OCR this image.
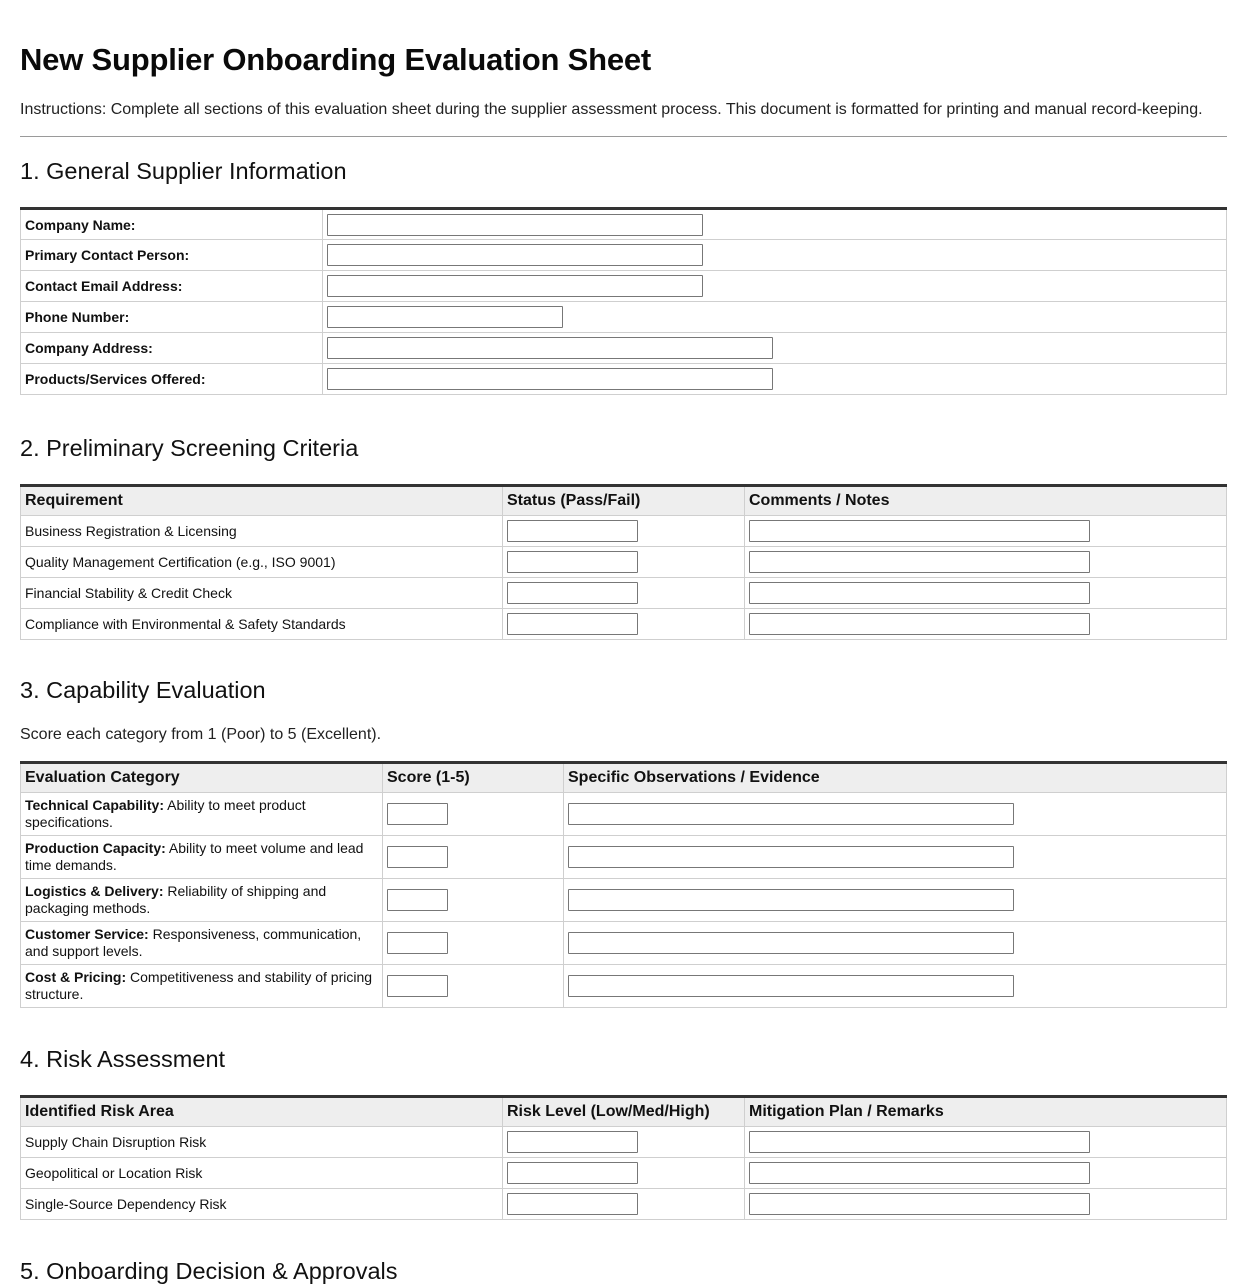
New Supplier Onboarding Evaluation Sheet
Instructions: Complete all sections of this evaluation sheet during the supplier assessment process. This document is formatted for printing and manual record-keeping.
1. General Supplier Information
Company Name:	

Primary Contact Person:	

Contact Email Address:	

Phone Number:	

Company Address:	

Products/Services Offered:	
2. Preliminary Screening Criteria
Requirement	Status (Pass/Fail)	Comments / Notes
Business Registration & Licensing	

Quality Management Certification (e.g., ISO 9001)	

Financial Stability & Credit Check	

Compliance with Environmental & Safety Standards	

3. Capability Evaluation
Score each category from 1 (Poor) to 5 (Excellent).
Evaluation Category	Score (1-5)	Specific Observations / Evidence
Technical Capability: Ability to meet product specifications.	

Production Capacity: Ability to meet volume and lead time demands.	

Logistics & Delivery: Reliability of shipping and packaging methods.	

Customer Service: Responsiveness, communication, and support levels.	

Cost & Pricing: Competitiveness and stability of pricing structure.	

4. Risk Assessment
Identified Risk Area	Risk Level (Low/Med/High)	Mitigation Plan / Remarks
Supply Chain Disruption Risk	

Geopolitical or Location Risk	

Single-Source Dependency Risk	

5. Onboarding Decision & Approvals
